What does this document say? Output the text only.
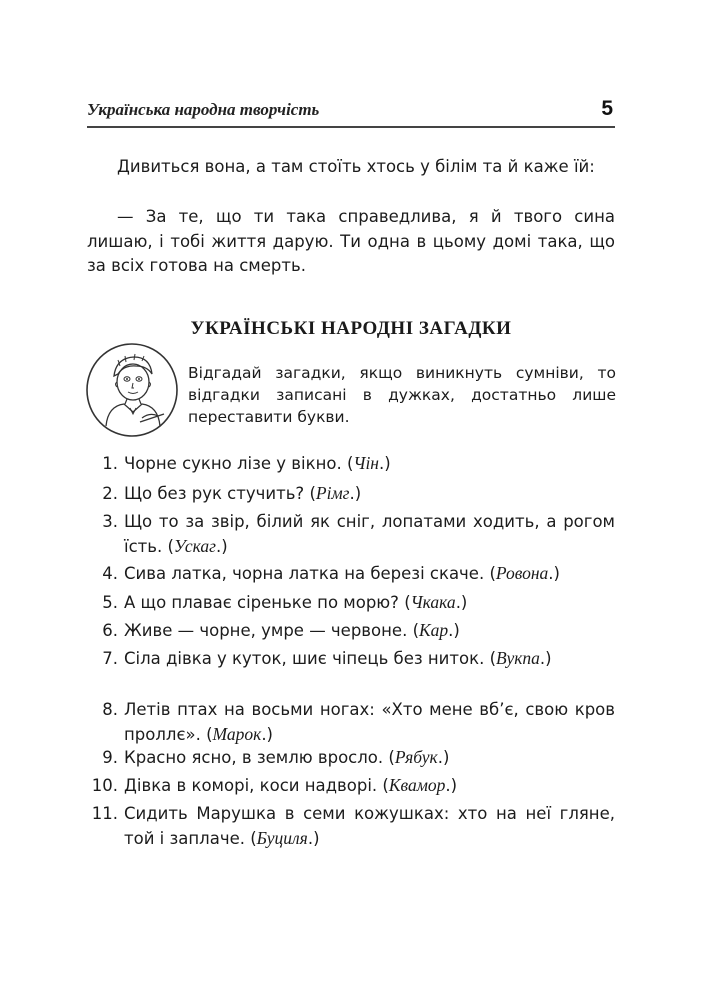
Українська народна творчість	5
Дивиться вона, а там стоїть хтось у білім та й каже їй:
— За те, що ти така справедлива, я й твого сина лишаю, і тобі життя дарую. Ти одна в цьому домі така, що за всіх готова на смерть.
УКРАЇНСЬКІ НАРОДНІ ЗАГАДКИ
Відгадай загадки, якщо виникнуть сумніви, то відгадки записані в дужках, достатньо лише переставити букви.
1. Чорне сукно лізе у вікно. (Чін.)
2. Що без рук стучить? (Рімг.)
3. Що то за звір, білий як сніг, лопатами ходить, а рогом їсть. (Ускаг.)
4. Сива латка, чорна латка на березі скаче. (Ровона.)
5. А що плаває сіреньке по морю? (Чкака.)
6. Живе — чорне, умре — червоне. (Кар.)
7. Сіла дівка у куток, шиє чіпець без ниток. (Вукпа.)
8. Летів птах на восьми ногах: «Хто мене вб’є, свою кров проллє». (Марок.)
9. Красно ясно, в землю вросло. (Рябук.)
10. Дівка в коморі, коси надворі. (Квамор.)
11. Сидить Марушка в семи кожушках: хто на неї гляне, той і заплаче. (Буциля.)
